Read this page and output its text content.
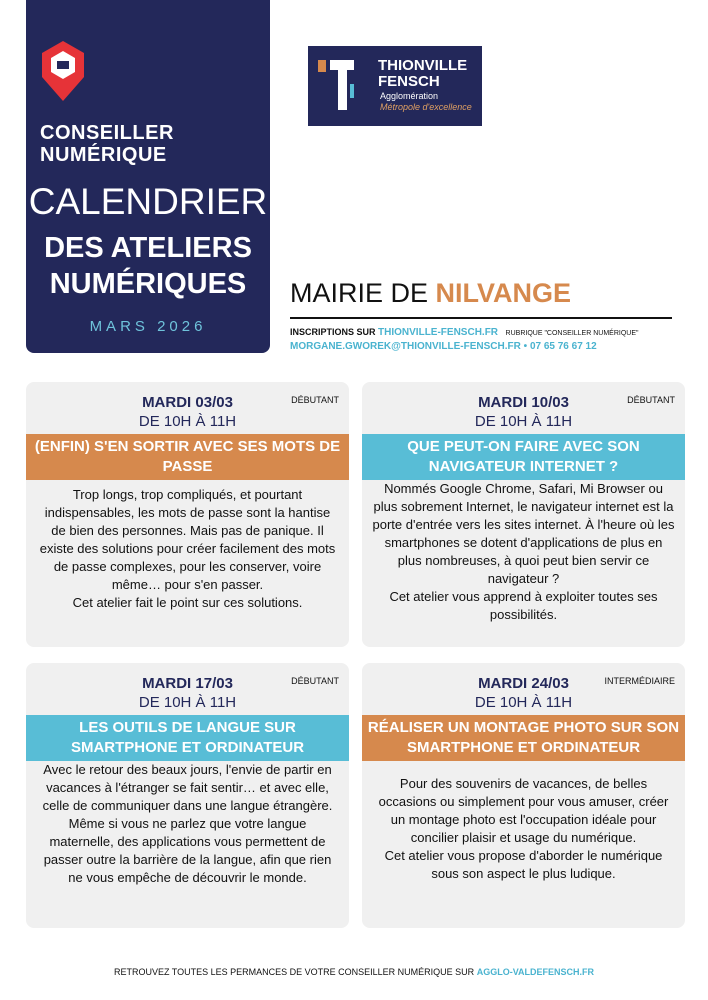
CONSEILLER
NUMÉRIQUE
CALENDRIER
DES ATELIERS
NUMÉRIQUES
MARS 2026
THIONVILLE
FENSCH
Agglomération
Métropole d'excellence
MAIRIE DE NILVANGE
INSCRIPTIONS SUR THIONVILLE-FENSCH.FR RUBRIQUE "CONSEILLER NUMÉRIQUE"
MORGANE.GWOREK@THIONVILLE-FENSCH.FR • 07 65 76 67 12
MARDI 03/03
DE 10H À 11H
DÉBUTANT
(ENFIN) S'EN SORTIR AVEC SES MOTS DE PASSE

Trop longs, trop compliqués, et pourtant indispensables, les mots de passe sont la hantise de bien des personnes. Mais pas de panique. Il existe des solutions pour créer facilement des mots de passe complexes, pour les conserver, voire même… pour s'en passer.

Cet atelier fait le point sur ces solutions.

MARDI 10/03
DE 10H À 11H
DÉBUTANT
QUE PEUT-ON FAIRE AVEC SON NAVIGATEUR INTERNET ?

Nommés Google Chrome, Safari, Mi Browser ou plus sobrement Internet, le navigateur internet est la porte d'entrée vers les sites internet. À l'heure où les smartphones se dotent d'applications de plus en plus nombreuses, à quoi peut bien servir ce navigateur ?

Cet atelier vous apprend à exploiter toutes ses possibilités.

MARDI 17/03
DE 10H À 11H
DÉBUTANT
LES OUTILS DE LANGUE SUR SMARTPHONE ET ORDINATEUR

Avec le retour des beaux jours, l'envie de partir en vacances à l'étranger se fait sentir… et avec elle, celle de communiquer dans une langue étrangère.

Même si vous ne parlez que votre langue maternelle, des applications vous permettent de passer outre la barrière de la langue, afin que rien ne vous empêche de découvrir le monde.

MARDI 24/03
DE 10H À 11H
INTERMÉDIAIRE
RÉALISER UN MONTAGE PHOTO SUR SON SMARTPHONE ET ORDINATEUR

Pour des souvenirs de vacances, de belles occasions ou simplement pour vous amuser, créer un montage photo est l'occupation idéale pour concilier plaisir et usage du numérique.

Cet atelier vous propose d'aborder le numérique sous son aspect le plus ludique.

RETROUVEZ TOUTES LES PERMANCES DE VOTRE CONSEILLER NUMÉRIQUE SUR AGGLO-VALDEFENSCH.FR
